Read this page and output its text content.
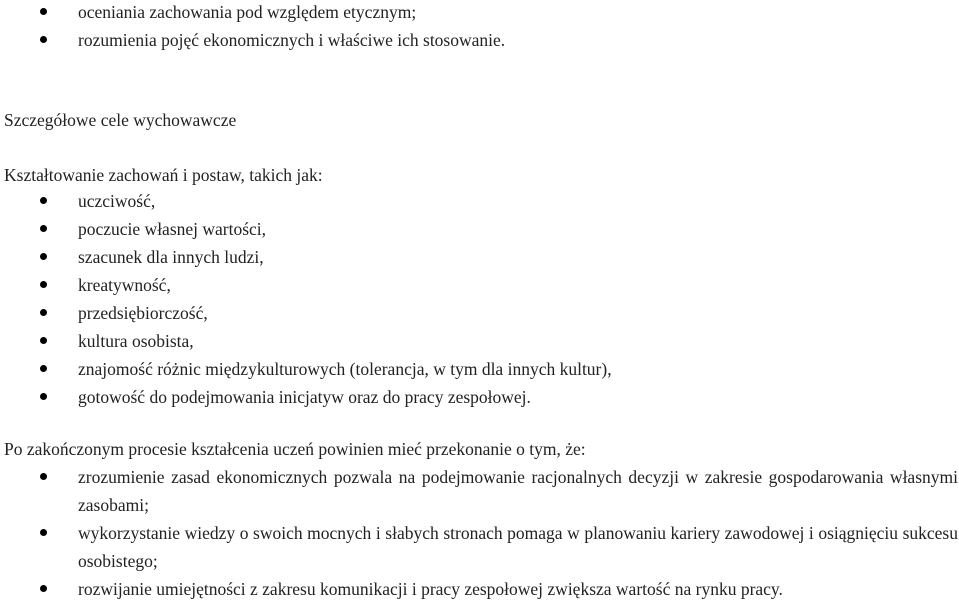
oceniania zachowania pod względem etycznym;
rozumienia pojęć ekonomicznych i właściwe ich stosowanie.
Szczegółowe cele wychowawcze
Kształtowanie zachowań i postaw, takich jak:
uczciwość,
poczucie własnej wartości,
szacunek dla innych ludzi,
kreatywność,
przedsiębiorczość,
kultura osobista,
znajomość różnic międzykulturowych (tolerancja, w tym dla innych kultur),
gotowość do podejmowania inicjatyw oraz do pracy zespołowej.
Po zakończonym procesie kształcenia uczeń powinien mieć przekonanie o tym, że:
zrozumienie zasad ekonomicznych pozwala na podejmowanie racjonalnych decyzji w zakresie gospodarowania własnymi zasobami;
wykorzystanie wiedzy o swoich mocnych i słabych stronach pomaga w planowaniu kariery zawodowej i osiągnięciu sukcesu osobistego;
rozwijanie umiejętności z zakresu komunikacji i pracy zespołowej zwiększa wartość na rynku pracy.
